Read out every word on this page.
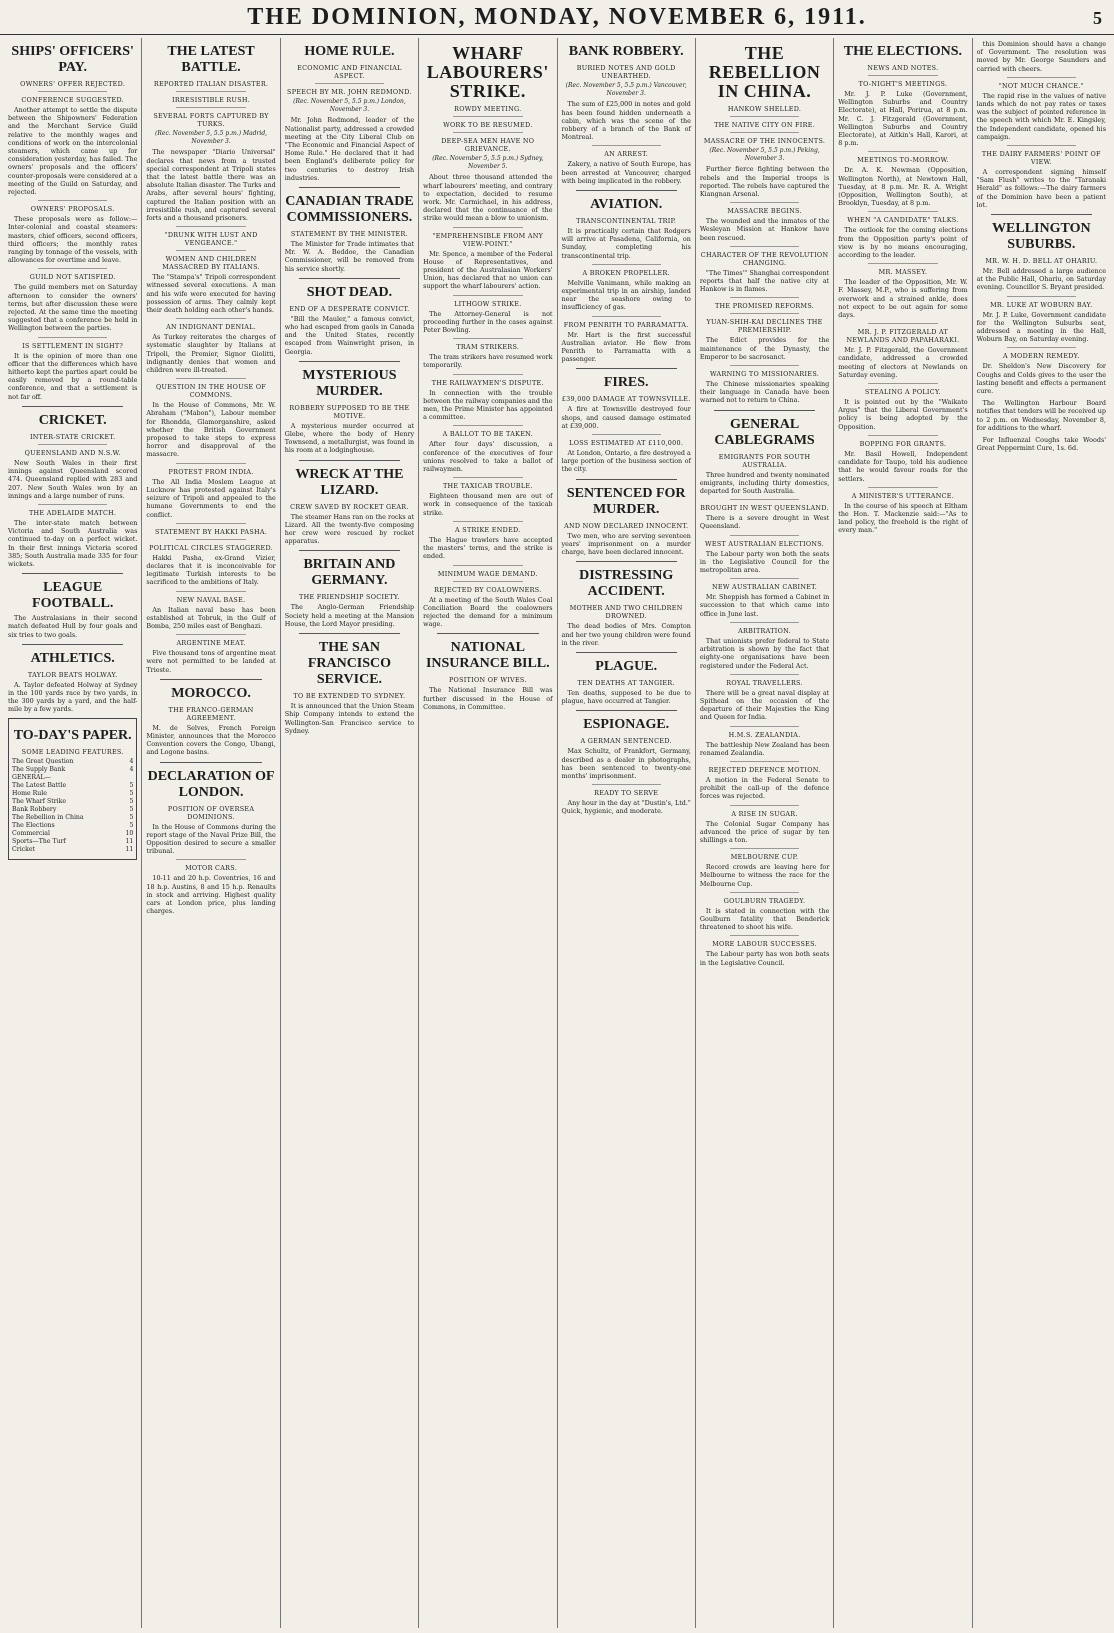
THE DOMINION, MONDAY, NOVEMBER 6, 1911.	5
SHIPS' OFFICERS' PAY.
OWNERS' OFFER REJECTED.
CONFERENCE SUGGESTED.

Another attempt to settle the dispute between the Shipowners' Federation and the Merchant Service Guild relative to the monthly wages and conditions of work on the intercolonial steamers, which came up for consideration yesterday, has failed. The owners' proposals and the officers' counter-proposals were considered at a meeting of the Guild on Saturday, and rejected.

OWNERS' PROPOSALS.

These proposals were as follow:— Inter-colonial and coastal steamers: masters, chief officers, second officers, third officers; the monthly rates ranging by tonnage of the vessels, with allowances for overtime and leave.

GUILD NOT SATISFIED.

The guild members met on Saturday afternoon to consider the owners' terms, but after discussion these were rejected. At the same time the meeting suggested that a conference be held in Wellington between the parties.

IS SETTLEMENT IN SIGHT?

It is the opinion of more than one officer that the differences which have hitherto kept the parties apart could be easily removed by a round-table conference, and that a settlement is not far off.

CRICKET.
INTER-STATE CRICKET.
QUEENSLAND AND N.S.W.

New South Wales in their first innings against Queensland scored 474. Queensland replied with 283 and 207. New South Wales won by an innings and a large number of runs.

THE ADELAIDE MATCH.

The inter-state match between Victoria and South Australia was continued to-day on a perfect wicket. In their first innings Victoria scored 385; South Australia made 335 for four wickets.

LEAGUE FOOTBALL.

The Australasians in their second match defeated Hull by four goals and six tries to two goals.

ATHLETICS.
TAYLOR BEATS HOLWAY.

A. Taylor defeated Holway at Sydney in the 100 yards race by two yards, in the 300 yards by a yard, and the half-mile by a few yards.

TO-DAY'S PAPER.
SOME LEADING FEATURES.
The Great Question	4
The Supply Bank	4
GENERAL—
The Latest Battle	5
Home Rule	5
The Wharf Strike	5
Bank Robbery	5
The Rebellion in China	5
The Elections	5
Commercial	10
Sports—The Turf	11
Cricket	11
THE LATEST BATTLE.
REPORTED ITALIAN DISASTER.
IRRESISTIBLE RUSH.
SEVERAL FORTS CAPTURED BY TURKS.
(Rec. November 5, 5.5 p.m.) Madrid, November 3.

The newspaper "Diario Universal" declares that news from a trusted special correspondent at Tripoli states that the latest battle there was an absolute Italian disaster. The Turks and Arabs, after several hours' fighting, captured the Italian position with an irresistible rush, and captured several forts and a thousand prisoners.

"DRUNK WITH LUST AND VENGEANCE."
WOMEN AND CHILDREN MASSACRED BY ITALIANS.

The "Stampa's" Tripoli correspondent witnessed several executions. A man and his wife were executed for having possession of arms. They calmly kept their death holding each other's hands.

AN INDIGNANT DENIAL.

As Turkey reiterates the charges of systematic slaughter by Italians at Tripoli, the Premier, Signor Giolitti, indignantly denies that women and children were ill-treated.

QUESTION IN THE HOUSE OF COMMONS.

In the House of Commons, Mr. W. Abraham ("Mabon"), Labour member for Rhondda, Glamorganshire, asked whether the British Government proposed to take steps to express horror and disapproval of the massacre.

PROTEST FROM INDIA.

The All India Moslem League at Lucknow has protested against Italy's seizure of Tripoli and appealed to the humane Governments to end the conflict.

STATEMENT BY HAKKI PASHA.
POLITICAL CIRCLES STAGGERED.

Hakki Pasha, ex-Grand Vizier, declares that it is inconceivable for legitimate Turkish interests to be sacrificed to the ambitions of Italy.

NEW NAVAL BASE.

An Italian naval base has been established at Tobruk, in the Gulf of Bomba, 250 miles east of Benghazi.

ARGENTINE MEAT.

Five thousand tons of argentine meat were not permitted to be landed at Trieste.

MOROCCO.
THE FRANCO-GERMAN AGREEMENT.

M. de Selves, French Foreign Minister, announces that the Morocco Convention covers the Congo, Ubangi, and Logone basins.

DECLARATION OF LONDON.
POSITION OF OVERSEA DOMINIONS.

In the House of Commons during the report stage of the Naval Prize Bill, the Opposition desired to secure a smaller tribunal.

MOTOR CARS.

10-11 and 20 h.p. Coventries, 16 and 18 h.p. Austins, 8 and 15 h.p. Renaults in stock and arriving. Highest quality cars at London price, plus landing charges.

HOME RULE.
ECONOMIC AND FINANCIAL ASPECT.
SPEECH BY MR. JOHN REDMOND.
(Rec. November 5, 5.5 p.m.) London, November 3.

Mr. John Redmond, leader of the Nationalist party, addressed a crowded meeting at the City Liberal Club on "The Economic and Financial Aspect of Home Rule." He declared that it had been England's deliberate policy for two centuries to destroy Irish industries.

CANADIAN TRADE COMMISSIONERS.
STATEMENT BY THE MINISTER.

The Minister for Trade intimates that Mr. W. A. Beddoe, the Canadian Commissioner, will be removed from his service shortly.

SHOT DEAD.
END OF A DESPERATE CONVICT.

"Bill the Mauler," a famous convict, who had escaped from gaols in Canada and the United States, recently escaped from Wainwright prison, in Georgia.

MYSTERIOUS MURDER.
ROBBERY SUPPOSED TO BE THE MOTIVE.

A mysterious murder occurred at Glebe, where the body of Henry Townsend, a metallurgist, was found in his room at a lodginghouse.

WRECK AT THE LIZARD.
CREW SAVED BY ROCKET GEAR.

The steamer Hans ran on the rocks at Lizard. All the twenty-five composing her crew were rescued by rocket apparatus.

BRITAIN AND GERMANY.
THE FRIENDSHIP SOCIETY.

The Anglo-German Friendship Society held a meeting at the Mansion House, the Lord Mayor presiding.

THE SAN FRANCISCO SERVICE.
TO BE EXTENDED TO SYDNEY.

It is announced that the Union Steam Ship Company intends to extend the Wellington-San Francisco service to Sydney.

WHARF LABOURERS' STRIKE.
ROWDY MEETING.
WORK TO BE RESUMED.
DEEP-SEA MEN HAVE NO GRIEVANCE.
(Rec. November 5, 5.5 p.m.) Sydney, November 5.

About three thousand attended the wharf labourers' meeting, and contrary to expectation, decided to resume work. Mr. Carmichael, in his address, declared that the continuance of the strike would mean a blow to unionism.

"EMPREHENSIBLE FROM ANY VIEW-POINT."

Mr. Spence, a member of the Federal House of Representatives, and president of the Australasian Workers' Union, has declared that no union can support the wharf labourers' action.

LITHGOW STRIKE.

The Attorney-General is not proceeding further in the cases against Peter Bowling.

TRAM STRIKERS.

The tram strikers have resumed work temporarily.

THE RAILWAYMEN'S DISPUTE.

In connection with the trouble between the railway companies and the men, the Prime Minister has appointed a committee.

A BALLOT TO BE TAKEN.

After four days' discussion, a conference of the executives of four unions resolved to take a ballot of railwaymen.

THE TAXICAB TROUBLE.

Eighteen thousand men are out of work in consequence of the taxicab strike.

A STRIKE ENDED.

The Hague trawlers have accepted the masters' terms, and the strike is ended.

MINIMUM WAGE DEMAND.
REJECTED BY COALOWNERS.

At a meeting of the South Wales Coal Conciliation Board the coalowners rejected the demand for a minimum wage.

NATIONAL INSURANCE BILL.
POSITION OF WIVES.

The National Insurance Bill was further discussed in the House of Commons, in Committee.

BANK ROBBERY.
BURIED NOTES AND GOLD UNEARTHED.
(Rec. November 5, 5.5 p.m.) Vancouver, November 3.

The sum of £25,000 in notes and gold has been found hidden underneath a cabin, which was the scene of the robbery of a branch of the Bank of Montreal.

AN ARREST.

Zakery, a native of South Europe, has been arrested at Vancouver, charged with being implicated in the robbery.

AVIATION.
TRANSCONTINENTAL TRIP.

It is practically certain that Rodgers will arrive at Pasadena, California, on Sunday, completing his transcontinental trip.

A BROKEN PROPELLER.

Melville Vanimann, while making an experimental trip in an airship, landed near the seashore owing to insufficiency of gas.

FROM PENRITH TO PARRAMATTA.

Mr. Hart is the first successful Australian aviator. He flew from Penrith to Parramatta with a passenger.

FIRES.
£39,000 DAMAGE AT TOWNSVILLE.

A fire at Townsville destroyed four shops, and caused damage estimated at £39,000.

LOSS ESTIMATED AT £110,000.

At London, Ontario, a fire destroyed a large portion of the business section of the city.

SENTENCED FOR MURDER.
AND NOW DECLARED INNOCENT.

Two men, who are serving seventeen years' imprisonment on a murder charge, have been declared innocent.

DISTRESSING ACCIDENT.
MOTHER AND TWO CHILDREN DROWNED.

The dead bodies of Mrs. Compton and her two young children were found in the river.

PLAGUE.
TEN DEATHS AT TANGIER.

Ten deaths, supposed to be due to plague, have occurred at Tangier.

ESPIONAGE.
A GERMAN SENTENCED.

Max Schultz, of Frankfort, Germany, described as a dealer in photographs, has been sentenced to twenty-one months' imprisonment.

READY TO SERVE

Any hour in the day at "Dustin's, Ltd." Quick, hygienic, and moderate.

THE REBELLION IN CHINA.
HANKOW SHELLED.
THE NATIVE CITY ON FIRE.
MASSACRE OF THE INNOCENTS.
(Rec. November 5, 5.5 p.m.) Peking, November 3.

Further fierce fighting between the rebels and the Imperial troops is reported. The rebels have captured the Kiangnan Arsenal.

MASSACRE BEGINS.

The wounded and the inmates of the Wesleyan Mission at Hankow have been rescued.

CHARACTER OF THE REVOLUTION CHANGING.

"The Times'" Shanghai correspondent reports that half the native city at Hankow is in flames.

THE PROMISED REFORMS.
YUAN-SHIH-KAI DECLINES THE PREMIERSHIP.

The Edict provides for the maintenance of the Dynasty, the Emperor to be sacrosanct.

WARNING TO MISSIONARIES.

The Chinese missionaries speaking their language in Canada have been warned not to return to China.

GENERAL CABLEGRAMS
EMIGRANTS FOR SOUTH AUSTRALIA.

Three hundred and twenty nominated emigrants, including thirty domestics, departed for South Australia.

BROUGHT IN WEST QUEENSLAND.

There is a severe drought in West Queensland.

WEST AUSTRALIAN ELECTIONS.

The Labour party won both the seats in the Legislative Council for the metropolitan area.

NEW AUSTRALIAN CABINET.

Mr. Sheppish has formed a Cabinet in succession to that which came into office in June last.

ARBITRATION.

That unionists prefer federal to State arbitration is shown by the fact that eighty-one organisations have been registered under the Federal Act.

ROYAL TRAVELLERS.

There will be a great naval display at Spithead on the occasion of the departure of their Majesties the King and Queen for India.

H.M.S. ZEALANDIA.

The battleship New Zealand has been renamed Zealandia.

REJECTED DEFENCE MOTION.

A motion in the Federal Senate to prohibit the call-up of the defence forces was rejected.

A RISE IN SUGAR.

The Colonial Sugar Company has advanced the price of sugar by ten shillings a ton.

MELBOURNE CUP.

Record crowds are leaving here for Melbourne to witness the race for the Melbourne Cup.

GOULBURN TRAGEDY.

It is stated in connection with the Goulburn fatality that Benderick threatened to shoot his wife.

MORE LABOUR SUCCESSES.

The Labour party has won both seats in the Legislative Council.

THE ELECTIONS.
NEWS AND NOTES.
TO-NIGHT'S MEETINGS.

Mr. J. P. Luke (Government, Wellington Suburbs and Country Electorate), at Hall, Porirua, at 8 p.m. Mr. C. J. Fitzgerald (Government, Wellington Suburbs and Country Electorate), at Aitkin's Hall, Karori, at 8 p.m.

MEETINGS TO-MORROW.

Dr. A. K. Newman (Opposition, Wellington North), at Newtown Hall, Tuesday, at 8 p.m. Mr. R. A. Wright (Opposition, Wellington South), at Brooklyn, Tuesday, at 8 p.m.

WHEN "A CANDIDATE" TALKS.

The outlook for the coming elections from the Opposition party's point of view is by no means encouraging, according to the leader.

MR. MASSEY.

The leader of the Opposition, Mr. W. F. Massey, M.P., who is suffering from overwork and a strained ankle, does not expect to be out again for some days.

MR. J. P. FITZGERALD AT NEWLANDS AND PAPAHARAKI.

Mr. J. P. Fitzgerald, the Government candidate, addressed a crowded meeting of electors at Newlands on Saturday evening.

STEALING A POLICY.

It is pointed out by the "Waikato Argus" that the Liberal Government's policy is being adopted by the Opposition.

BOPPING FOR GRANTS.

Mr. Basil Howell, Independent candidate for Taupo, told his audience that he would favour roads for the settlers.

A MINISTER'S UTTERANCE.

In the course of his speech at Eltham the Hon. T. Mackenzie said:—"As to land policy, the freehold is the right of every man."

this Dominion should have a change of Government. The resolution was moved by Mr. George Saunders and carried with cheers.

"NOT MUCH CHANCE."

The rapid rise in the values of native lands which do not pay rates or taxes was the subject of pointed reference in the speech with which Mr. E. Kingsley, the Independent candidate, opened his campaign.

THE DAIRY FARMERS' POINT OF VIEW.

A correspondent signing himself "Sam Flush" writes to the "Taranaki Herald" as follows:—The dairy farmers of the Dominion have been a patient lot.

WELLINGTON SUBURBS.
MR. W. H. D. BELL AT OHARIU.

Mr. Bell addressed a large audience at the Public Hall, Ohariu, on Saturday evening. Councillor S. Bryant presided.

MR. LUKE AT WOBURN BAY.

Mr. J. P. Luke, Government candidate for the Wellington Suburbs seat, addressed a meeting in the Hall, Woburn Bay, on Saturday evening.

A MODERN REMEDY.

Dr. Sheldon's New Discovery for Coughs and Colds gives to the user the lasting benefit and effects a permanent cure.

The Wellington Harbour Board notifies that tenders will be received up to 2 p.m. on Wednesday, November 8, for additions to the wharf.

For Influenzal Coughs take Woods' Great Peppermint Cure, 1s. 6d.
